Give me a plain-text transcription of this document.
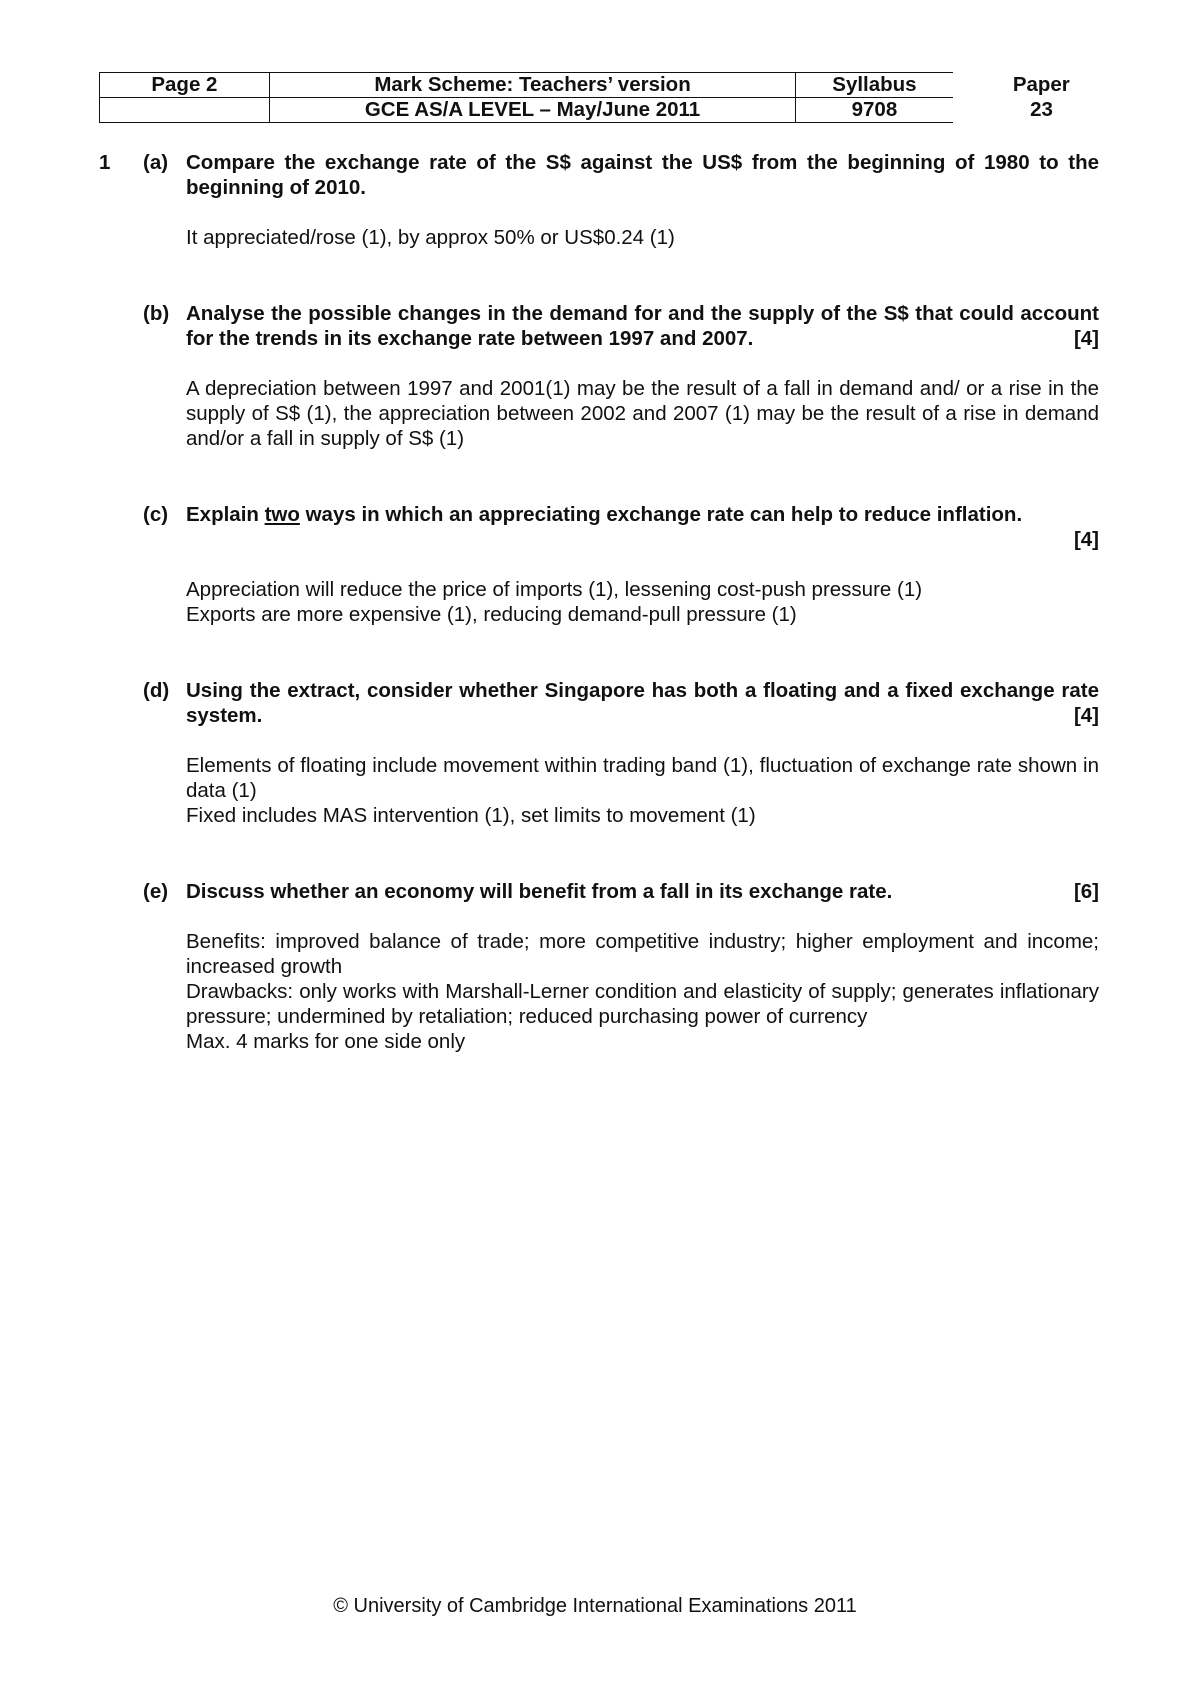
Page 2	Mark Scheme: Teachers’ version	Syllabus	Paper
	GCE AS/A LEVEL – May/June 2011	9708	23
1 (a) Compare the exchange rate of the S$ against the US$ from the beginning of 1980 to the beginning of 2010.

It appreciated/rose (1), by approx 50% or US$0.24 (1)

(b) Analyse the possible changes in the demand for and the supply of the S$ that could account for the trends in its exchange rate between 1997 and 2007.	[4]

A depreciation between 1997 and 2001(1) may be the result of a fall in demand and/ or a rise in the supply of S$ (1), the appreciation between 2002 and 2007 (1) may be the result of a rise in demand and/or a fall in supply of S$ (1)

(c) Explain two ways in which an appreciating exchange rate can help to reduce inflation.
[4]

Appreciation will reduce the price of imports (1), lessening cost-push pressure (1)

Exports are more expensive (1), reducing demand-pull pressure (1)

(d) Using the extract, consider whether Singapore has both a floating and a fixed exchange rate system.	[4]

Elements of floating include movement within trading band (1), fluctuation of exchange rate shown in data (1)

Fixed includes MAS intervention (1), set limits to movement (1)

(e) Discuss whether an economy will benefit from a fall in its exchange rate.	[6]

Benefits: improved balance of trade; more competitive industry; higher employment and income; increased growth

Drawbacks: only works with Marshall-Lerner condition and elasticity of supply; generates inflationary pressure; undermined by retaliation; reduced purchasing power of currency

Max. 4 marks for one side only

© University of Cambridge International Examinations 2011
